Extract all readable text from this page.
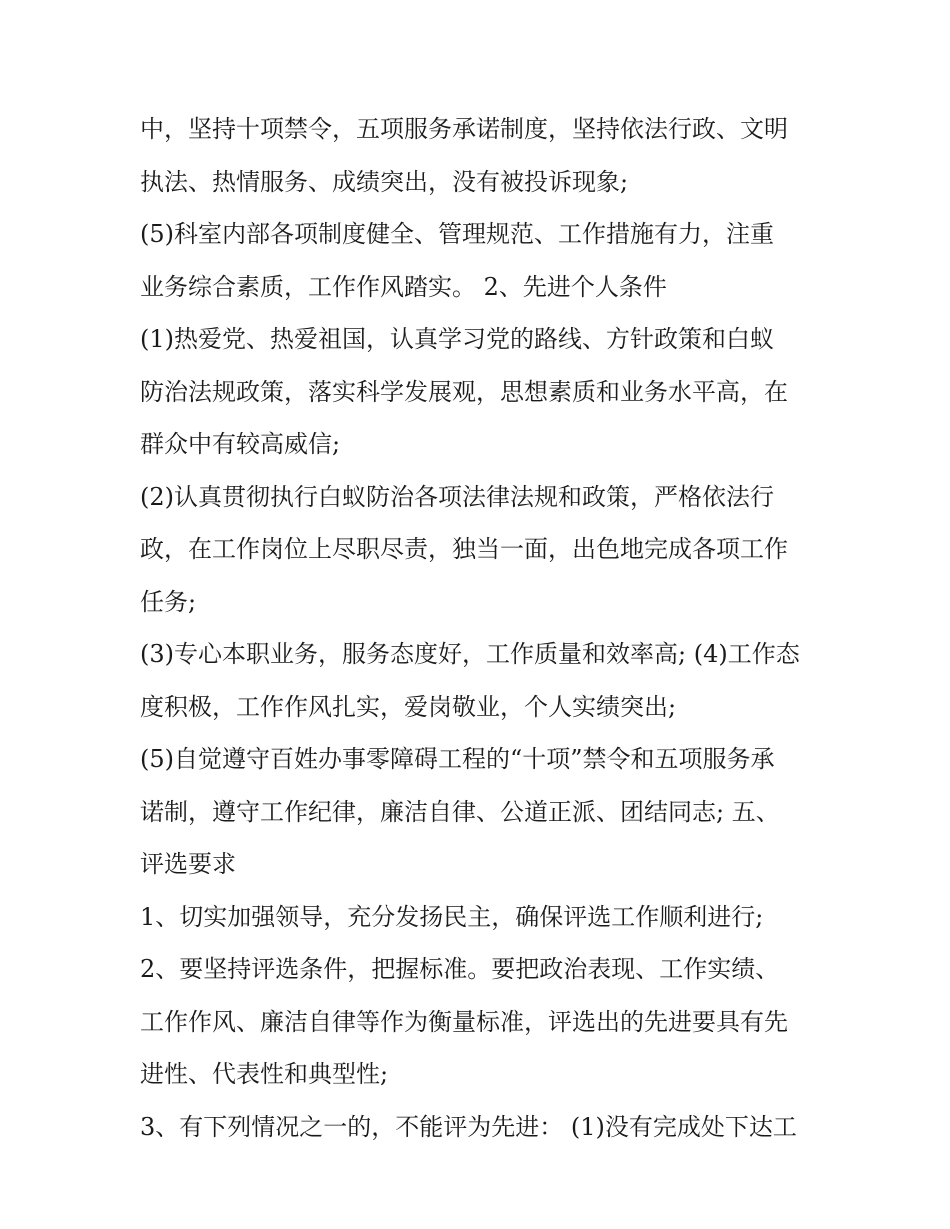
中，坚持十项禁令，五项服务承诺制度，坚持依法行政、文明
执法、热情服务、成绩突出，没有被投诉现象;
(5)科室内部各项制度健全、管理规范、工作措施有力，注重
业务综合素质，工作作风踏实。 2、先进个人条件
(1)热爱党、热爱祖国，认真学习党的路线、方针政策和白蚁
防治法规政策，落实科学发展观，思想素质和业务水平高，在
群众中有较高威信;
(2)认真贯彻执行白蚁防治各项法律法规和政策，严格依法行
政，在工作岗位上尽职尽责，独当一面，出色地完成各项工作
任务;
(3)专心本职业务，服务态度好，工作质量和效率高; (4)工作态
度积极，工作作风扎实，爱岗敬业，个人实绩突出;
(5)自觉遵守百姓办事零障碍工程的“十项”禁令和五项服务承
诺制，遵守工作纪律，廉洁自律、公道正派、团结同志; 五、
评选要求
1、切实加强领导，充分发扬民主，确保评选工作顺利进行;
2、要坚持评选条件，把握标准。要把政治表现、工作实绩、
工作作风、廉洁自律等作为衡量标准，评选出的先进要具有先
进性、代表性和典型性;
3、有下列情况之一的，不能评为先进： (1)没有完成处下达工
